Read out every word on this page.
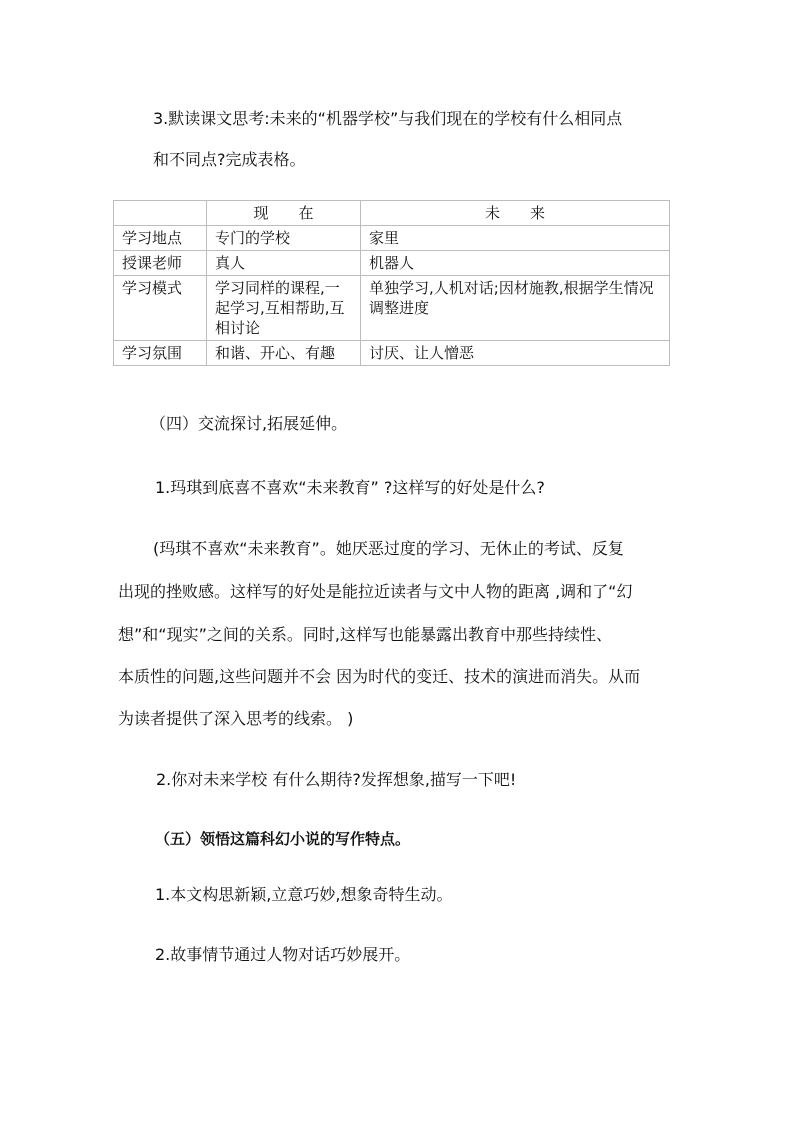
3.默读课文思考:未来的“机器学校”与我们现在的学校有什么相同点
和不同点?完成表格。
	现　　在	未　　来
学习地点	专门的学校	家里
授课老师	真人	机器人
学习模式	学习同样的课程,一起学习,互相帮助,互相讨论	单独学习,人机对话;因材施教,根据学生情况调整进度
学习氛围	和谐、开心、有趣	讨厌、让人憎恶
（四）交流探讨,拓展延伸。
1.玛琪到底喜不喜欢“未来教育” ?这样写的好处是什么?
(玛琪不喜欢“未来教育”。她厌恶过度的学习、无休止的考试、反复
出现的挫败感。这样写的好处是能拉近读者与文中人物的距离 ,调和了“幻
想”和“现实”之间的关系。同时,这样写也能暴露出教育中那些持续性、
本质性的问题,这些问题并不会 因为时代的变迁、技术的演进而消失。从而
为读者提供了深入思考的线索。 )
2.你对未来学校 有什么期待?发挥想象,描写一下吧!
（五）领悟这篇科幻小说的写作特点。
1.本文构思新颖,立意巧妙,想象奇特生动。
2.故事情节通过人物对话巧妙展开。
